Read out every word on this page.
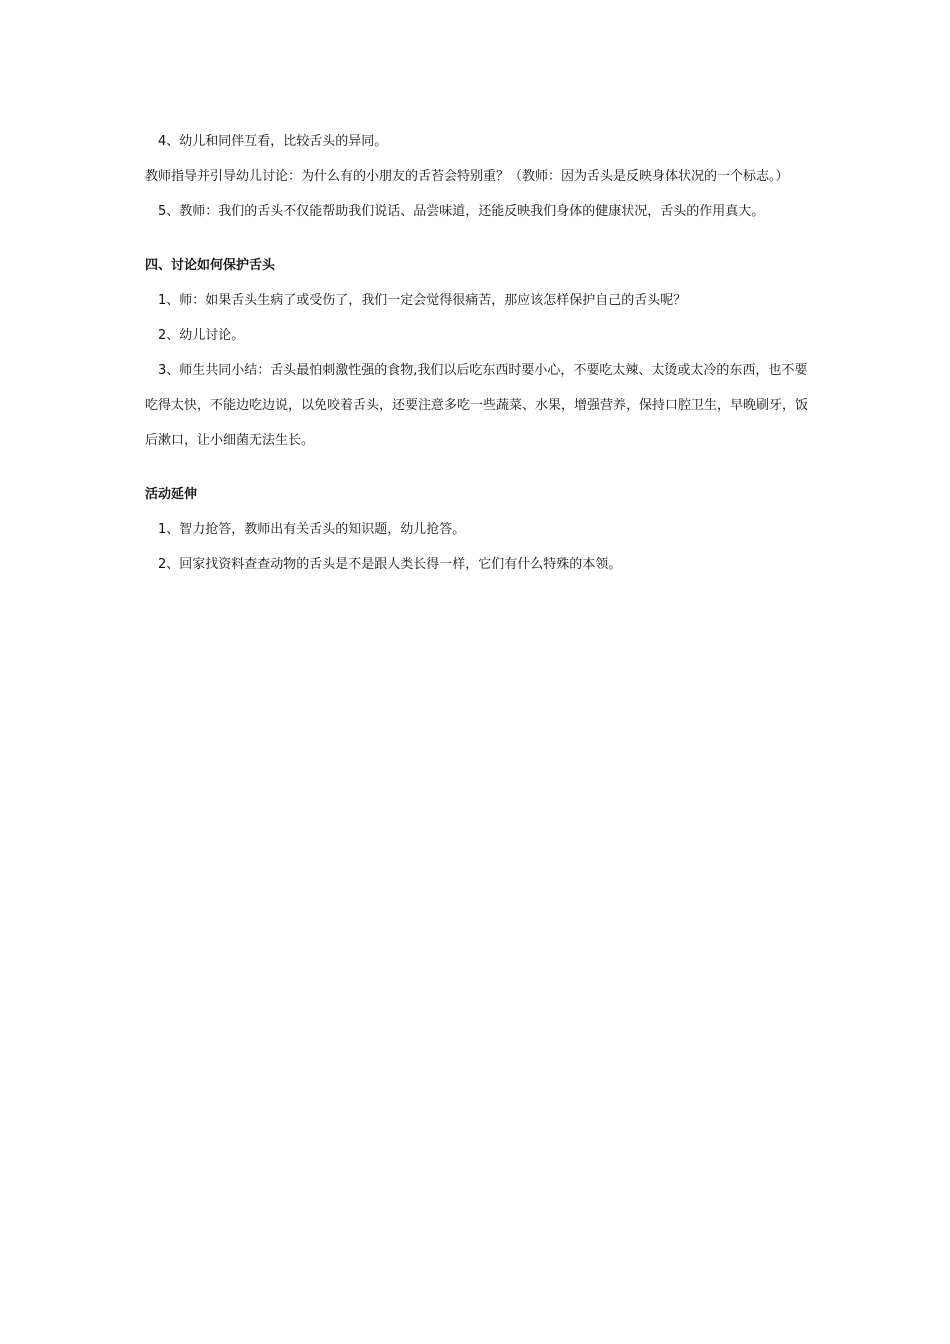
4、幼儿和同伴互看，比较舌头的异同。

教师指导并引导幼儿讨论：为什么有的小朋友的舌苔会特别重？（教师：因为舌头是反映身体状况的一个标志。）

5、教师：我们的舌头不仅能帮助我们说话、品尝味道，还能反映我们身体的健康状况，舌头的作用真大。

四、讨论如何保护舌头

1、师：如果舌头生病了或受伤了，我们一定会觉得很痛苦，那应该怎样保护自己的舌头呢？

2、幼儿讨论。

3、师生共同小结：舌头最怕刺激性强的食物,我们以后吃东西时要小心，不要吃太辣、太烫或太冷的东西，也不要吃得太快，不能边吃边说，以免咬着舌头，还要注意多吃一些蔬菜、水果，增强营养，保持口腔卫生，早晚刷牙，饭后漱口，让小细菌无法生长。

活动延伸

1、智力抢答，教师出有关舌头的知识题，幼儿抢答。

2、回家找资料查查动物的舌头是不是跟人类长得一样，它们有什么特殊的本领。
